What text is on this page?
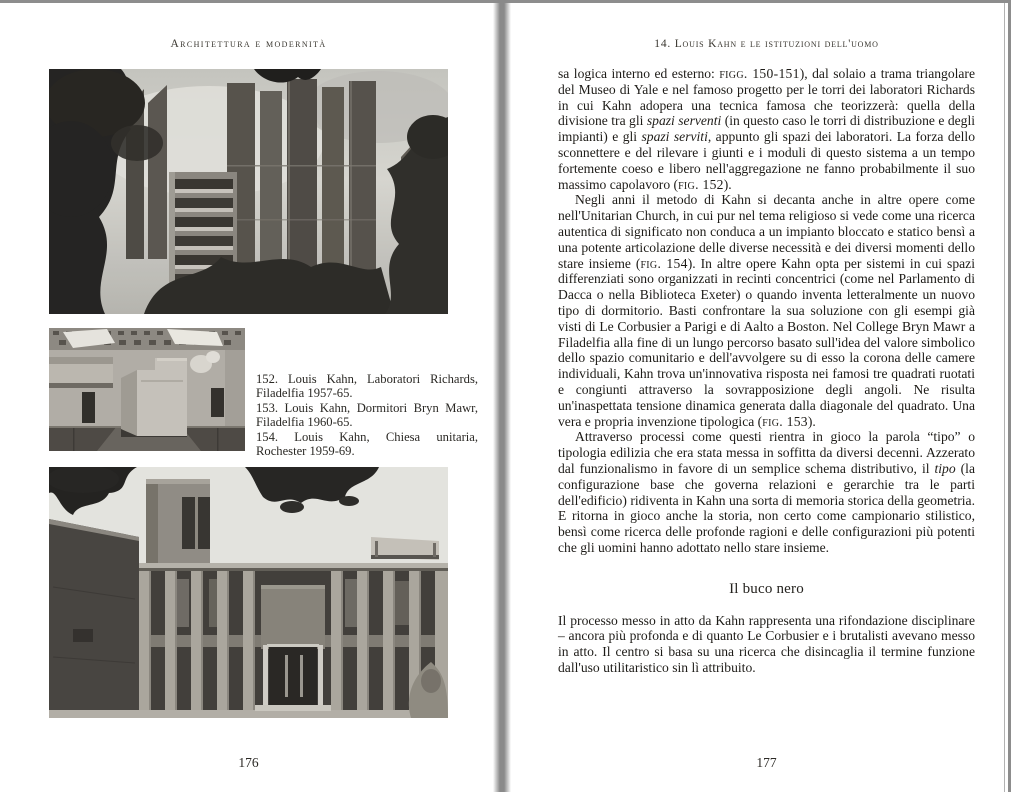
Architettura e modernità

152. Louis Kahn, Laboratori Richards, Filadelfia 1957-65.

153. Louis Kahn, Dormitori Bryn Mawr, Filadelfia 1960-65.

154. Louis Kahn, Chiesa unitaria, Rochester 1959-69.

176
14. Louis Kahn e le istituzioni dell'uomo

sa logica interno ed esterno: figg. 150-151), dal solaio a trama triangolare del Museo di Yale e nel famoso progetto per le torri dei laboratori Richards in cui Kahn adopera una tecnica famosa che teorizzerà: quella della divisione tra gli spazi serventi (in questo caso le torri di distribuzione e degli impianti) e gli spazi serviti, appunto gli spazi dei laboratori. La forza dello sconnettere e del rilevare i giunti e i moduli di questo sistema a un tempo fortemente coeso e libero nell'aggregazione ne fanno probabilmente il suo massimo capolavoro (fig. 152).

Negli anni il metodo di Kahn si decanta anche in altre opere come nell'Unitarian Church, in cui pur nel tema religioso si vede come una ricerca autentica di significato non conduca a un impianto bloccato e statico bensì a una potente articolazione delle diverse necessità e dei diversi momenti dello stare insieme (fig. 154). In altre opere Kahn opta per sistemi in cui spazi differenziati sono organizzati in recinti concentrici (come nel Parlamento di Dacca o nella Biblioteca Exeter) o quando inventa letteralmente un nuovo tipo di dormitorio. Basti confrontare la sua soluzione con gli esempi già visti di Le Corbusier a Parigi e di Aalto a Boston. Nel College Bryn Mawr a Filadelfia alla fine di un lungo percorso basato sull'idea del valore simbolico dello spazio comunitario e dell'avvolgere su di esso la corona delle camere individuali, Kahn trova un'innovativa risposta nei famosi tre quadrati ruotati e congiunti attraverso la sovrapposizione degli angoli. Ne risulta un'inaspettata tensione dinamica generata dalla diagonale del quadrato. Una vera e propria invenzione tipologica (fig. 153).

Attraverso processi come questi rientra in gioco la parola “tipo” o tipologia edilizia che era stata messa in soffitta da diversi decenni. Azzerato dal funzionalismo in favore di un semplice schema distributivo, il tipo (la configurazione base che governa relazioni e gerarchie tra le parti dell'edificio) ridiventa in Kahn una sorta di memoria storica della geometria. E ritorna in gioco anche la storia, non certo come campionario stilistico, bensì come ricerca delle profonde ragioni e delle configurazioni più potenti che gli uomini hanno adottato nello stare insieme.

Il buco nero

Il processo messo in atto da Kahn rappresenta una rifondazione disciplinare – ancora più profonda e di quanto Le Corbusier e i brutalisti avevano messo in atto. Il centro si basa su una ricerca che disincaglia il termine funzione dall'uso utilitaristico sin lì attribuito.

177
